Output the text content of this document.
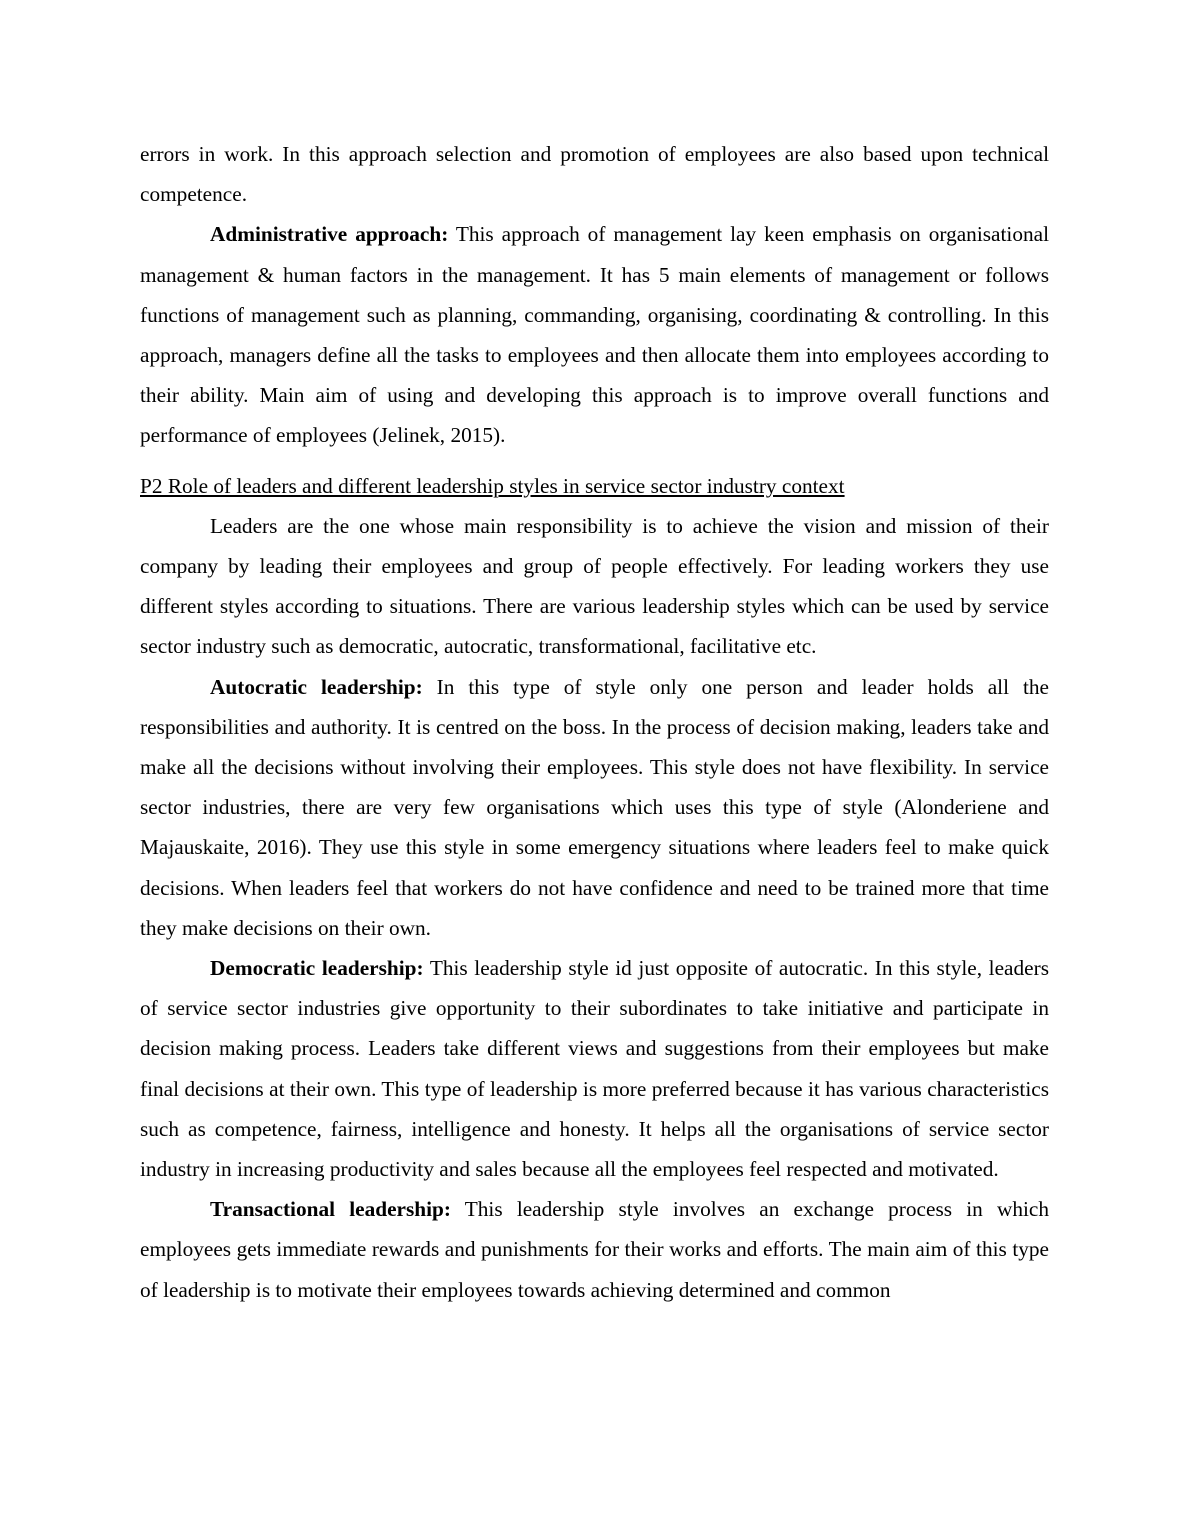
errors in work. In this approach selection and promotion of employees are also based upon technical competence.

Administrative approach: This approach of management lay keen emphasis on organisational management & human factors in the management. It has 5 main elements of management or follows functions of management such as planning, commanding, organising, coordinating & controlling. In this approach, managers define all the tasks to employees and then allocate them into employees according to their ability. Main aim of using and developing this approach is to improve overall functions and performance of employees (Jelinek, 2015).

P2 Role of leaders and different leadership styles in service sector industry context

Leaders are the one whose main responsibility is to achieve the vision and mission of their company by leading their employees and group of people effectively. For leading workers they use different styles according to situations. There are various leadership styles which can be used by service sector industry such as democratic, autocratic, transformational, facilitative etc.

Autocratic leadership: In this type of style only one person and leader holds all the responsibilities and authority. It is centred on the boss. In the process of decision making, leaders take and make all the decisions without involving their employees. This style does not have flexibility. In service sector industries, there are very few organisations which uses this type of style (Alonderiene and Majauskaite, 2016). They use this style in some emergency situations where leaders feel to make quick decisions. When leaders feel that workers do not have confidence and need to be trained more that time they make decisions on their own.

Democratic leadership: This leadership style id just opposite of autocratic. In this style, leaders of service sector industries give opportunity to their subordinates to take initiative and participate in decision making process. Leaders take different views and suggestions from their employees but make final decisions at their own. This type of leadership is more preferred because it has various characteristics such as competence, fairness, intelligence and honesty. It helps all the organisations of service sector industry in increasing productivity and sales because all the employees feel respected and motivated.

Transactional leadership: This leadership style involves an exchange process in which employees gets immediate rewards and punishments for their works and efforts. The main aim of this type of leadership is to motivate their employees towards achieving determined and common
